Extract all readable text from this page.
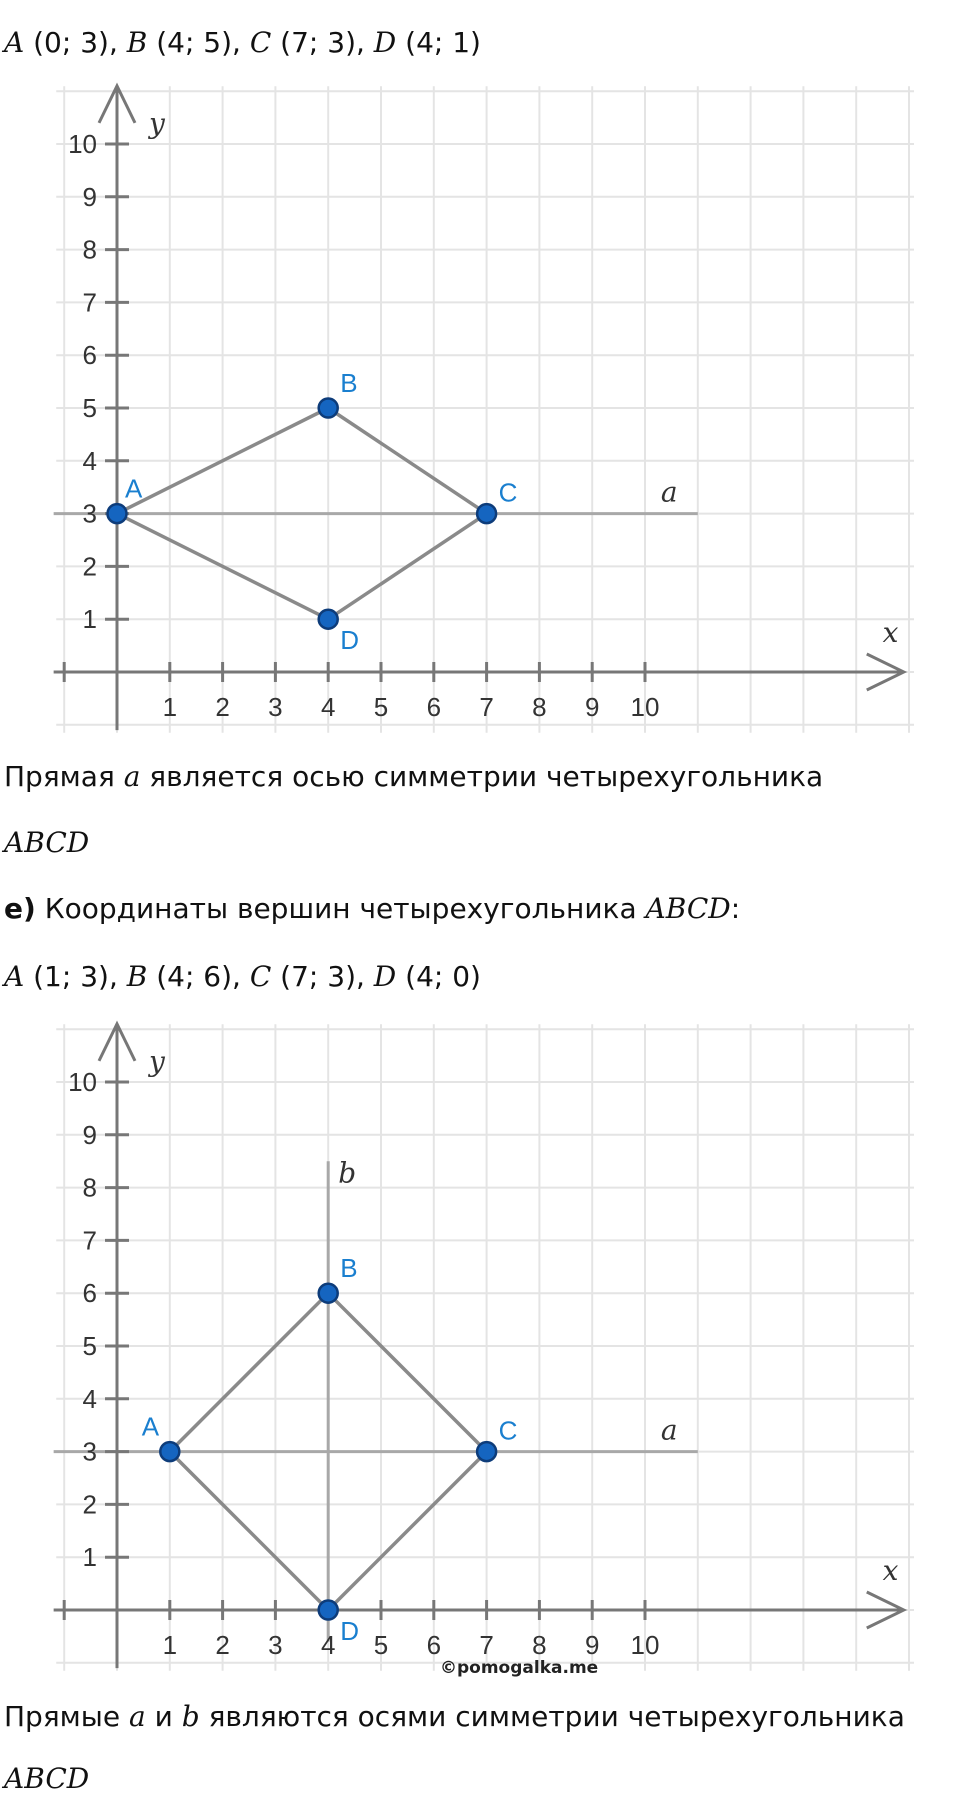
A (0; 3), B (4; 5), C (7; 3), D (4; 1)
a
x
y
1 2 3 4 5 6 7 8 9 10
1
2
3
4
5
6
7
8
9
10
A
B
C
D
Прямая a является осью симметрии четырехугольника
ABCD
е) Координаты вершин четырехугольника ABCD:
A (1; 3), B (4; 6), C (7; 3), D (4; 0)
a
b
x
y
1 2 3 4 5 6 7 8 9 10
1
2
3
4
5
6
7
8
9
10
A
B
C
D
Прямые a и b являются осями симметрии четырехугольника
©pomogalka.me
ABCD
